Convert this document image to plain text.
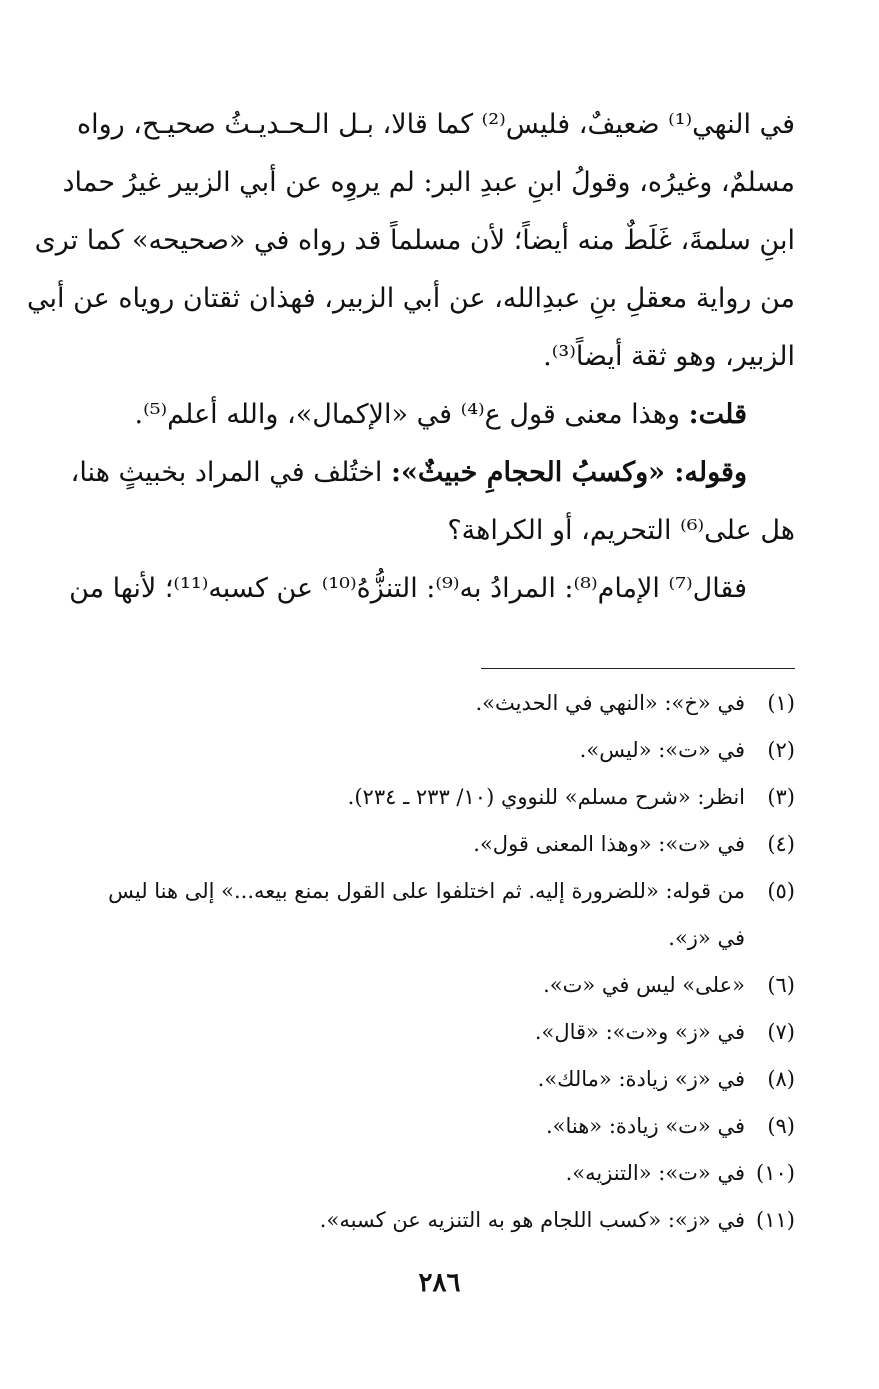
في النهي⁽¹⁾ ضعيفٌ، فليس⁽²⁾ كما قالا، بـل الـحـديـثُ صحيـح، رواه
مسلمٌ، وغيرُه، وقولُ ابنِ عبدِ البر: لم يروِه عن أبي الزبير غيرُ حماد
ابنِ سلمةَ، غَلَطٌ منه أيضاً؛ لأن مسلماً قد رواه في «صحيحه» كما ترى
من رواية معقلِ بنِ عبدِالله، عن أبي الزبير، فهذان ثقتان روياه عن أبي
الزبير، وهو ثقة أيضاً⁽³⁾.

قلت: وهذا معنى قول ع⁽⁴⁾ في «الإكمال»، والله أعلم⁽⁵⁾.

وقوله: «وكسبُ الحجامِ خبيثٌ»: اختُلف في المراد بخبيثٍ هنا،
هل على⁽⁶⁾ التحريم، أو الكراهة؟

فقال⁽⁷⁾ الإمام⁽⁸⁾: المرادُ به⁽⁹⁾: التنزُّهُ⁽¹⁰⁾ عن كسبه⁽¹¹⁾؛ لأنها من

(١)
في «خ»: «النهي في الحديث».
(٢)
في «ت»: «ليس».
(٣)
انظر: «شرح مسلم» للنووي (١٠/ ٢٣٣ ـ ٢٣٤).
(٤)
في «ت»: «وهذا المعنى قول».
(٥)
من قوله: «للضرورة إليه. ثم اختلفوا على القول بمنع بيعه...» إلى هنا ليس في «ز».
(٦)
«على» ليس في «ت».
(٧)
في «ز» و«ت»: «قال».
(٨)
في «ز» زيادة: «مالك».
(٩)
في «ت» زيادة: «هنا».
(١٠)
في «ت»: «التنزيه».
(١١)
في «ز»: «كسب اللجام هو به التنزيه عن كسبه».
٢٨٦
